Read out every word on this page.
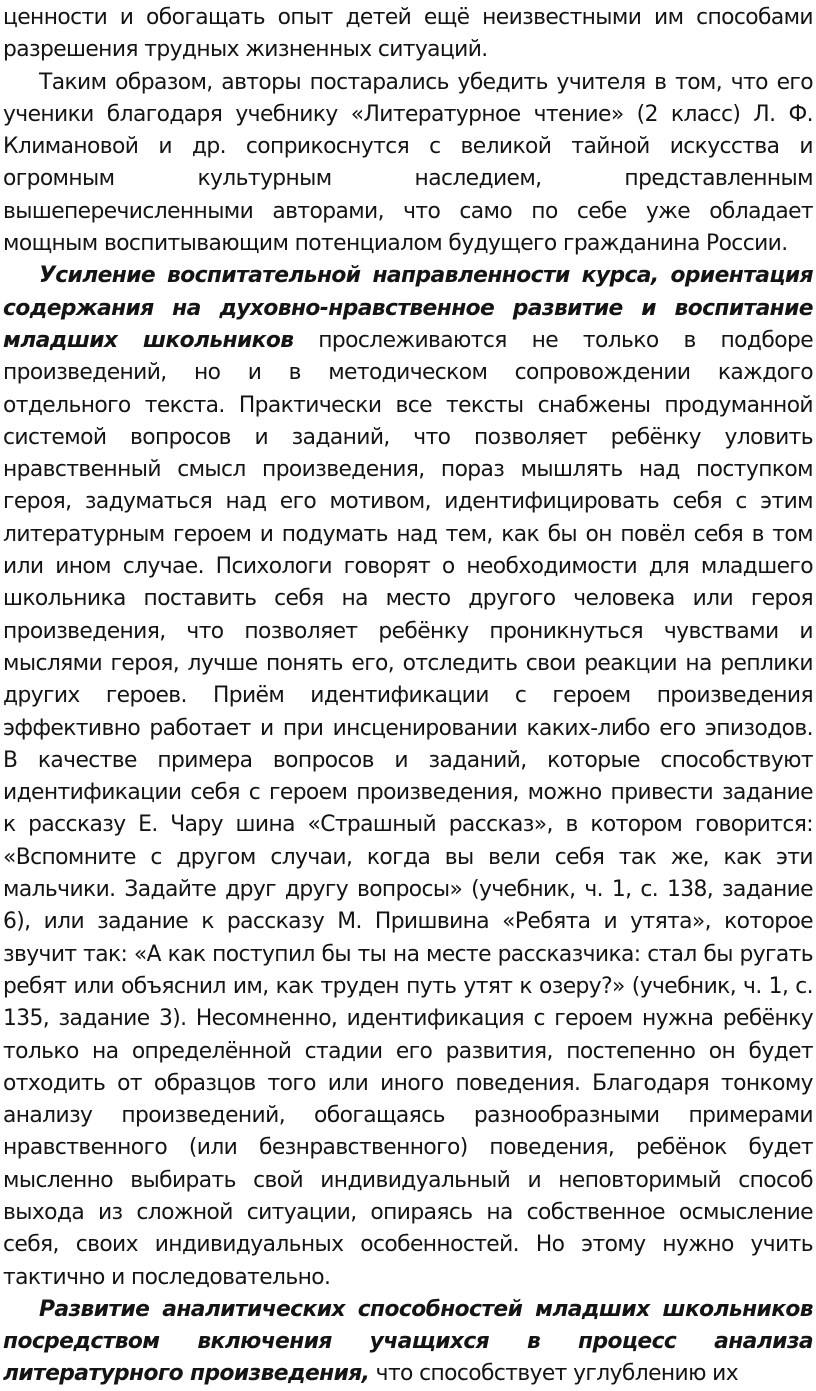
ценности и обогащать опыт детей ещё неизвестными им способами разрешения трудных жизненных ситуаций.

Таким образом, авторы постарались убедить учителя в том, что его ученики благодаря учебнику «Литературное чтение» (2 класс) Л. Ф. Климановой и др. соприкоснутся с великой тайной искусства и огромным культурным наследием, представленным вышеперечисленными авторами, что само по себе уже обладает мощным воспитывающим потенциалом будущего гражданина России.

Усиление воспитательной направленности курса, ориентация содержания на духовно-нравственное развитие и воспитание младших школьников прослеживаются не только в подборе произведений, но и в методическом сопровождении каждого отдельного текста. Практически все тексты снабжены продуманной системой вопросов и заданий, что позволяет ребёнку уловить нравственный смысл произведения, пораз мышлять над поступком героя, задуматься над его мотивом, идентифицировать себя с этим литературным героем и подумать над тем, как бы он повёл себя в том или ином случае. Психологи говорят о необходимости для младшего школьника поставить себя на место другого человека или героя произведения, что позволяет ребёнку проникнуться чувствами и мыслями героя, лучше понять его, отследить свои реакции на реплики других героев. Приём идентификации с героем произведения эффективно работает и при инсценировании каких-либо его эпизодов. В качестве примера вопросов и заданий, которые способствуют идентификации себя с героем произведения, можно привести задание к рассказу Е. Чару шина «Страшный рассказ», в котором говорится: «Вспомните с другом случаи, когда вы вели себя так же, как эти мальчики. Задайте друг другу вопросы» (учебник, ч. 1, с. 138, задание 6), или задание к рассказу М. Пришвина «Ребята и утята», которое звучит так: «А как поступил бы ты на месте рассказчика: стал бы ругать ребят или объяснил им, как труден путь утят к озеру?» (учебник, ч. 1, с. 135, задание 3). Несомненно, идентификация с героем нужна ребёнку только на определённой стадии его развития, постепенно он будет отходить от образцов того или иного поведения. Благодаря тонкому анализу произведений, обогащаясь разнообразными примерами нравственного (или безнравственного) поведения, ребёнок будет мысленно выбирать свой индивидуальный и неповторимый способ выхода из сложной ситуации, опираясь на собственное осмысление себя, своих индивидуальных особенностей. Но этому нужно учить тактично и последовательно.

Развитие аналитических способностей младших школьников посредством включения учащихся в процесс анализа литературного произведения, что способствует углублению их
